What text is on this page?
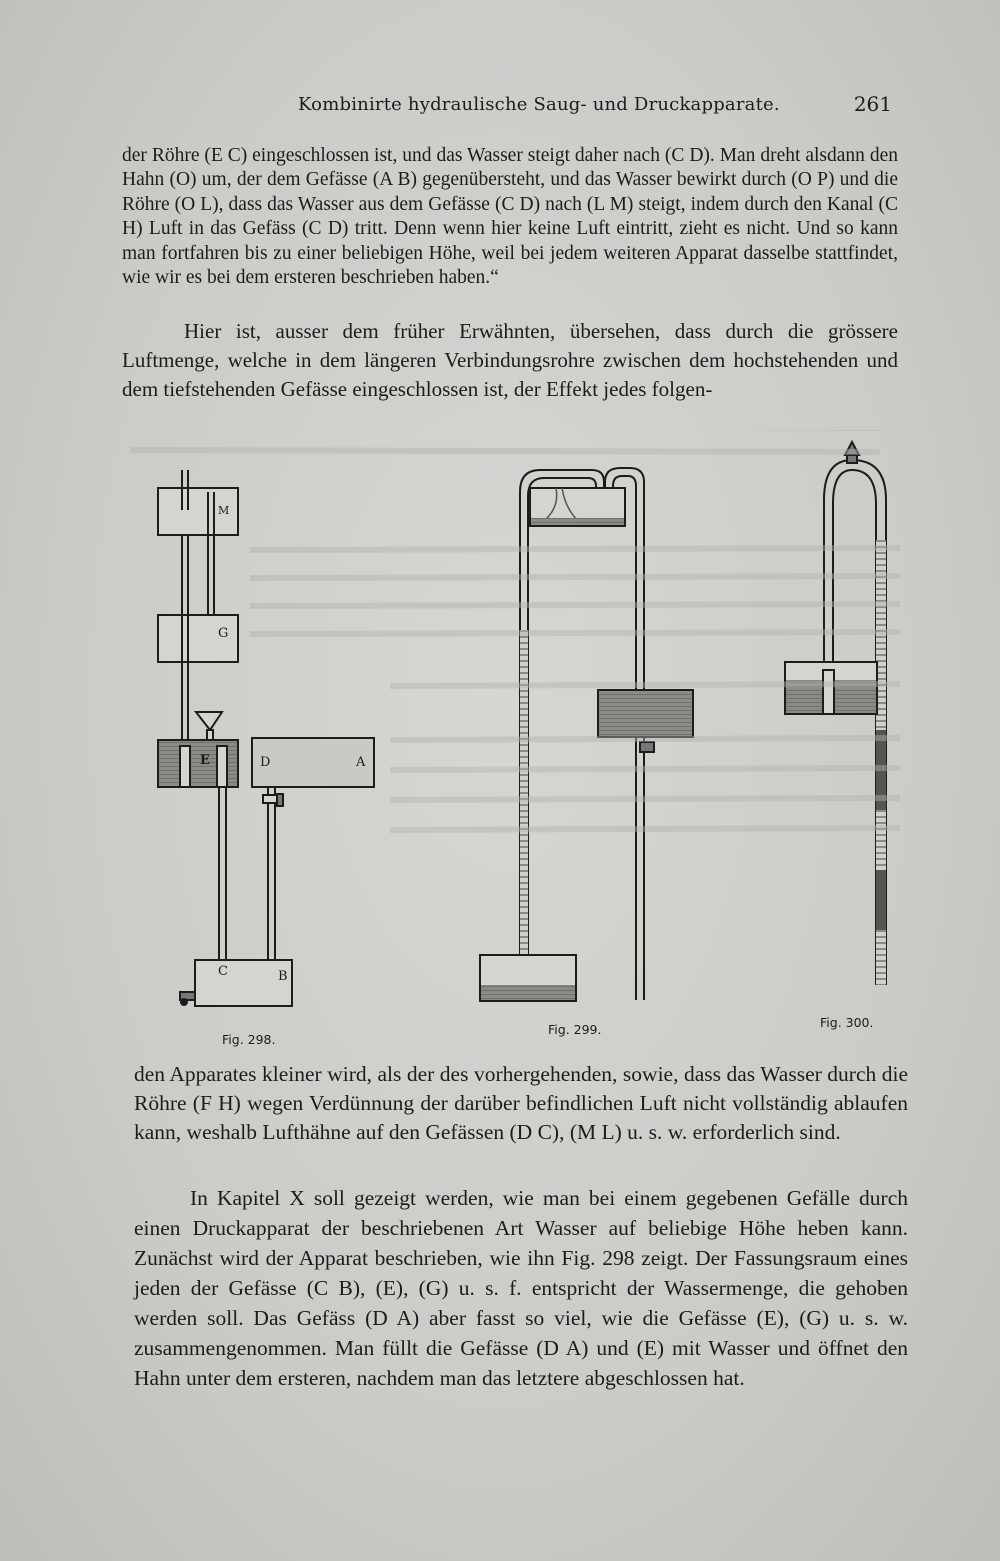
Kombinirte hydraulische Saug- und Druckapparate.	261
der Röhre (E C) eingeschlossen ist, und das Wasser steigt daher nach (C D). Man dreht alsdann den Hahn (O) um, der dem Gefässe (A B) gegenübersteht, und das Wasser bewirkt durch (O P) und die Röhre (O L), dass das Wasser aus dem Gefässe (C D) nach (L M) steigt, indem durch den Kanal (C H) Luft in das Gefäss (C D) tritt. Denn wenn hier keine Luft eintritt, zieht es nicht. Und so kann man fortfahren bis zu einer beliebigen Höhe, weil bei jedem weiteren Apparat dasselbe stattfindet, wie wir es bei dem ersteren beschrieben haben.“
Hier ist, ausser dem früher Erwähnten, übersehen, dass durch die grössere Luftmenge, welche in dem längeren Verbindungsrohre zwischen dem hochstehenden und dem tiefstehenden Gefässe eingeschlossen ist, der Effekt jedes folgen-
M
G
E	D	A
C	B
Fig. 298.
Fig. 299.	Fig. 300.
den Apparates kleiner wird, als der des vorhergehenden, sowie, dass das Wasser durch die Röhre (F H) wegen Verdünnung der darüber befindlichen Luft nicht vollständig ablaufen kann, weshalb Lufthähne auf den Gefässen (D C), (M L) u. s. w. erforderlich sind.
In Kapitel X soll gezeigt werden, wie man bei einem gegebenen Gefälle durch einen Druckapparat der beschriebenen Art Wasser auf beliebige Höhe heben kann. Zunächst wird der Apparat beschrieben, wie ihn Fig. 298 zeigt. Der Fassungsraum eines jeden der Gefässe (C B), (E), (G) u. s. f. entspricht der Wassermenge, die gehoben werden soll. Das Gefäss (D A) aber fasst so viel, wie die Gefässe (E), (G) u. s. w. zusammengenommen. Man füllt die Gefässe (D A) und (E) mit Wasser und öffnet den Hahn unter dem ersteren, nachdem man das letztere abgeschlossen hat.
